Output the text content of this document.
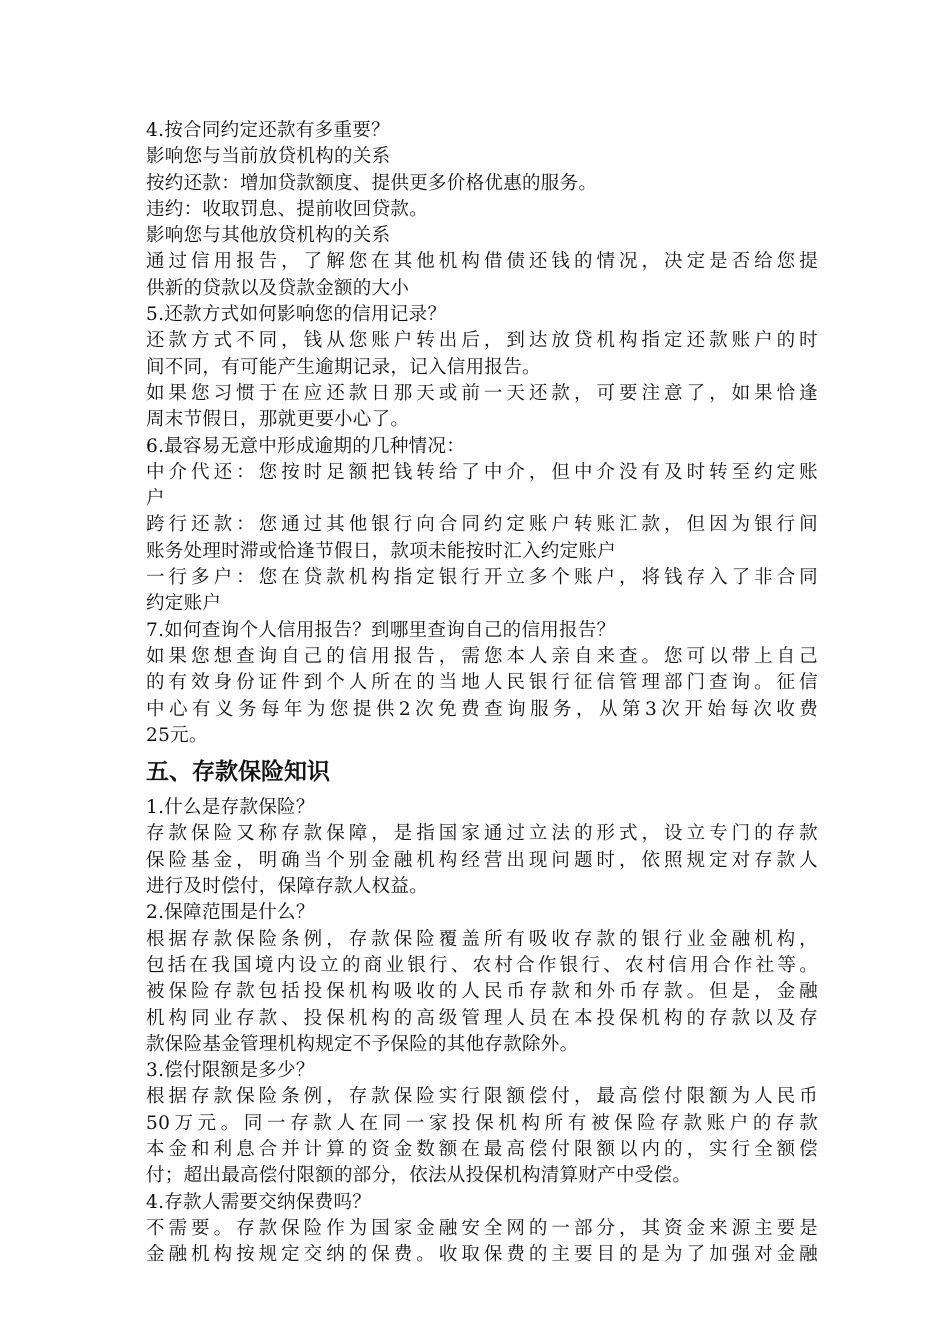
4.按合同约定还款有多重要？
影响您与当前放贷机构的关系
按约还款：增加贷款额度、提供更多价格优惠的服务。
违约：收取罚息、提前收回贷款。
影响您与其他放贷机构的关系
通过信用报告，了解您在其他机构借债还钱的情况，决定是否给您提
供新的贷款以及贷款金额的大小
5.还款方式如何影响您的信用记录？
还款方式不同，钱从您账户转出后，到达放贷机构指定还款账户的时
间不同，有可能产生逾期记录，记入信用报告。
如果您习惯于在应还款日那天或前一天还款，可要注意了，如果恰逢
周末节假日，那就更要小心了。
6.最容易无意中形成逾期的几种情况：
中介代还：您按时足额把钱转给了中介，但中介没有及时转至约定账
户
跨行还款：您通过其他银行向合同约定账户转账汇款，但因为银行间
账务处理时滞或恰逢节假日，款项未能按时汇入约定账户
一行多户：您在贷款机构指定银行开立多个账户，将钱存入了非合同
约定账户
7.如何查询个人信用报告？到哪里查询自己的信用报告？
如果您想查询自己的信用报告，需您本人亲自来查。您可以带上自己
的有效身份证件到个人所在的当地人民银行征信管理部门查询。征信
中心有义务每年为您提供2次免费查询服务，从第3次开始每次收费
25元。
五、存款保险知识
1.什么是存款保险？
存款保险又称存款保障，是指国家通过立法的形式，设立专门的存款
保险基金，明确当个别金融机构经营出现问题时，依照规定对存款人
进行及时偿付，保障存款人权益。
2.保障范围是什么？
根据存款保险条例，存款保险覆盖所有吸收存款的银行业金融机构，
包括在我国境内设立的商业银行、农村合作银行、农村信用合作社等。
被保险存款包括投保机构吸收的人民币存款和外币存款。但是，金融
机构同业存款、投保机构的高级管理人员在本投保机构的存款以及存
款保险基金管理机构规定不予保险的其他存款除外。
3.偿付限额是多少？
根据存款保险条例，存款保险实行限额偿付，最高偿付限额为人民币
50万元。同一存款人在同一家投保机构所有被保险存款账户的存款
本金和利息合并计算的资金数额在最高偿付限额以内的，实行全额偿
付；超出最高偿付限额的部分，依法从投保机构清算财产中受偿。
4.存款人需要交纳保费吗？
不需要。存款保险作为国家金融安全网的一部分，其资金来源主要是
金融机构按规定交纳的保费。收取保费的主要目的是为了加强对金融
